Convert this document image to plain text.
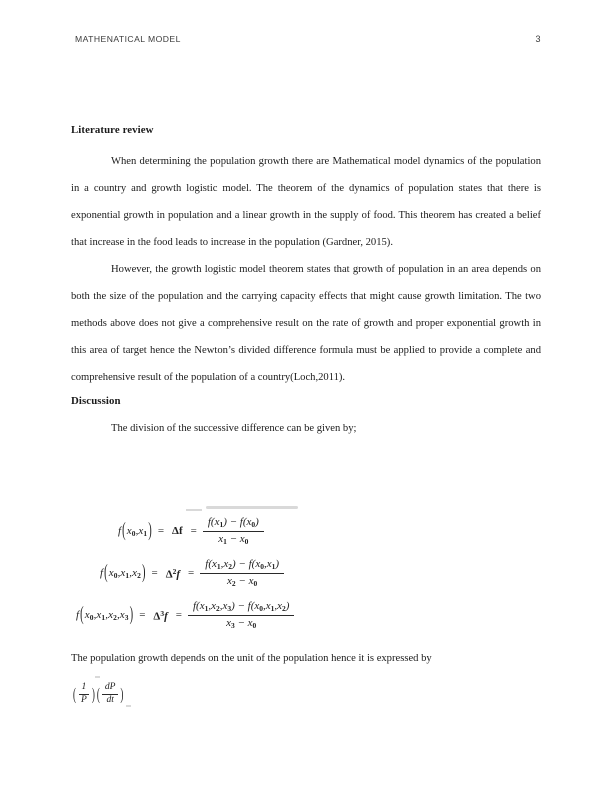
MATHENATICAL MODEL	3
Literature review

When determining the population growth there are Mathematical model dynamics of the population in a country and growth logistic model. The theorem of the dynamics of population states that there is exponential growth in population and a linear growth in the supply of food. This theorem has created a belief that increase in the food leads to increase in the population (Gardner, 2015).

However, the growth logistic model theorem states that growth of population in an area depends on both the size of the population and the carrying capacity effects that might cause growth limitation. The two methods above does not give a comprehensive result on the rate of growth and proper exponential growth in this area of target hence the Newton’s divided difference formula must be applied to provide a complete and comprehensive result of the population of a country(Loch,2011).

Discussion

The division of the successive difference can be given by;

$f(x_0,x_1) = \Delta f = \frac{f(x_1) - f(x_0)}{x_1 - x_0}$
$f(x_0,x_1,x_2) = \Delta^2f = \frac{f(x_1,x_2) - f(x_0,x_1)}{x_2 - x_0}$
$f(x_0,x_1,x_2,x_3) = \Delta^3f = \frac{f(x_1,x_2,x_3) - f(x_0,x_1,x_2)}{x_3 - x_0}$

The population growth depends on the unit of the population hence it is expressed by

( $\frac{1}{P}$ ) ( $\frac{dP}{dt}$ )
